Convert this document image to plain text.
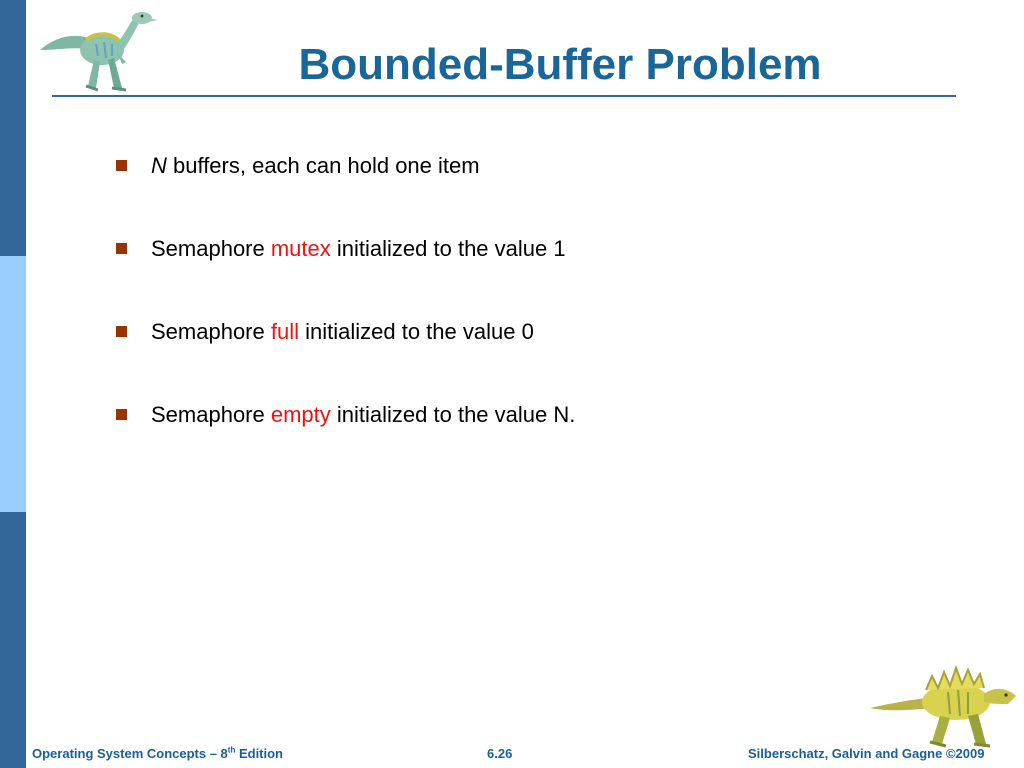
Bounded-Buffer Problem
N buffers, each can hold one item
Semaphore mutex initialized to the value 1
Semaphore full initialized to the value 0
Semaphore empty initialized to the value N.
Operating System Concepts – 8th Edition	6.26	Silberschatz, Galvin and Gagne ©2009
